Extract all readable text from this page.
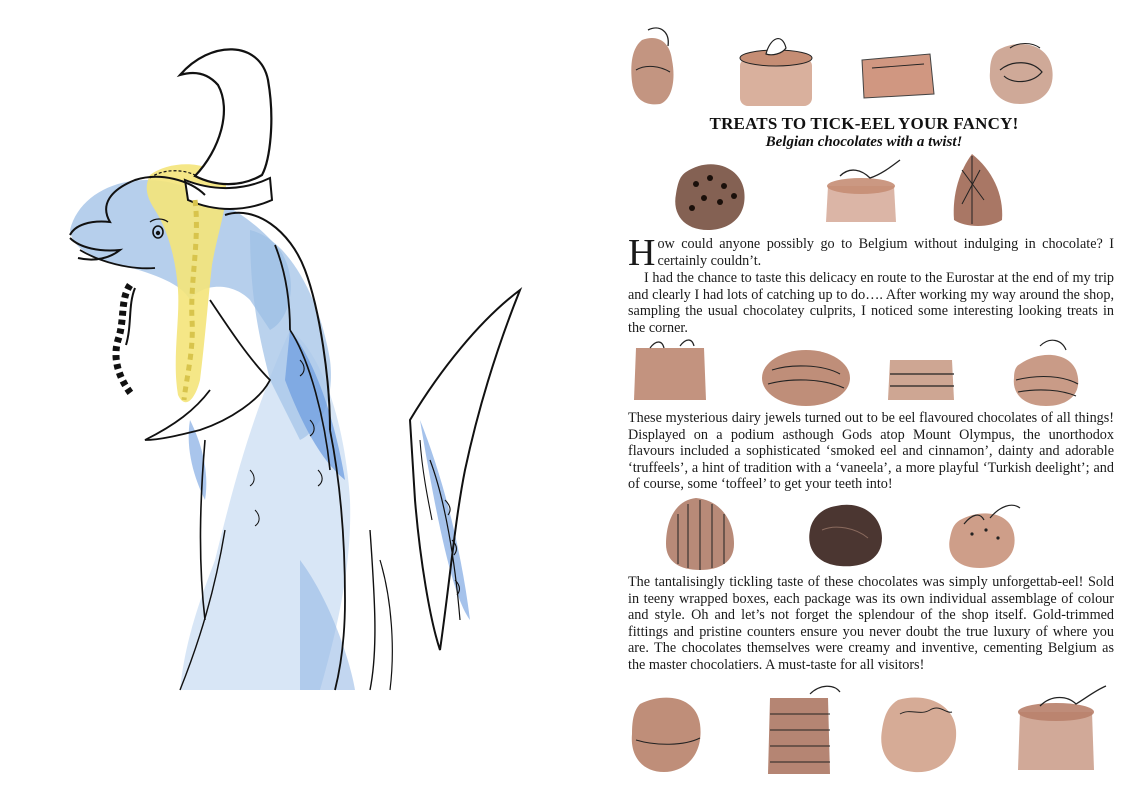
TREATS TO TICK-EEL YOUR FANCY!
Belgian chocolates with a twist!

How could anyone possibly go to Belgium without indulging in chocolate? I certainly couldn’t.

I had the chance to taste this delicacy en route to the Eurostar at the end of my trip and clearly I had lots of catching up to do…. After working my way around the shop, sampling the usual chocolatey culprits, I noticed some interesting looking treats in the corner.

These mysterious dairy jewels turned out to be eel flavoured chocolates of all things! Displayed on a podium asthough Gods atop Mount Olympus, the unorthodox flavours included a sophisticated ‘smoked eel and cinnamon’, dainty and adorable ‘truffeels’, a hint of tradition with a ‘vaneela’, a more playful ‘Turkish deelight’; and of course, some ‘toffeel’ to get your teeth into!

The tantalisingly tickling taste of these chocolates was simply unforgettab-eel! Sold in teeny wrapped boxes, each package was its own individual assemblage of colour and style. Oh and let’s not forget the splendour of the shop itself. Gold-trimmed fittings and pristine counters ensure you never doubt the true luxury of where you are. The chocolates themselves were creamy and inventive, cementing Belgium as the master chocolatiers. A must-taste for all visitors!
